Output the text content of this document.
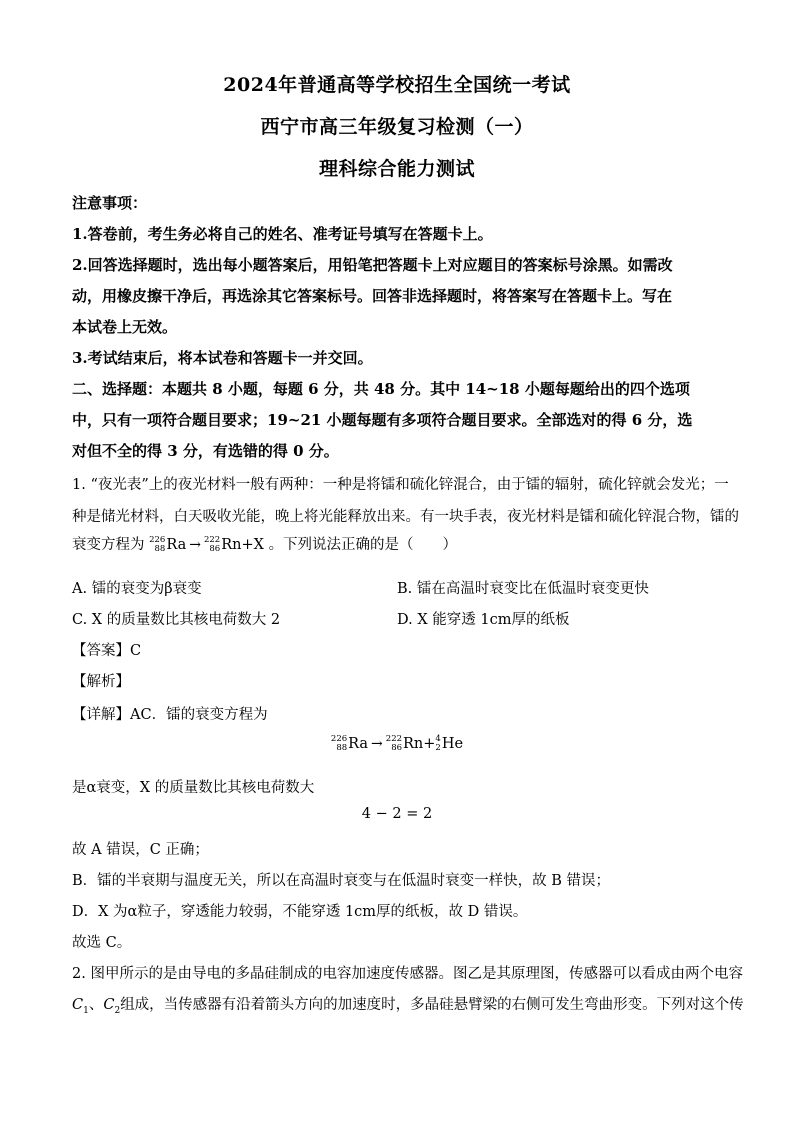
2024年普通高等学校招生全国统一考试
西宁市高三年级复习检测（一）
理科综合能力测试
注意事项：
1.答卷前，考生务必将自己的姓名、准考证号填写在答题卡上。
2.回答选择题时，选出每小题答案后，用铅笔把答题卡上对应题目的答案标号涂黑。如需改
动，用橡皮擦干净后，再选涂其它答案标号。回答非选择题时，将答案写在答题卡上。写在
本试卷上无效。
3.考试结束后，将本试卷和答题卡一并交回。
二、选择题：本题共 8 小题，每题 6 分，共 48 分。其中 14~18 小题每题给出的四个选项
中，只有一项符合题目要求；19~21 小题每题有多项符合题目要求。全部选对的得 6 分，选
对但不全的得 3 分，有选错的得 0 分。
1. “夜光表”上的夜光材料一般有两种：一种是将镭和硫化锌混合，由于镭的辐射，硫化锌就会发光；一
种是储光材料，白天吸收光能，晚上将光能释放出来。有一块手表，夜光材料是镭和硫化锌混合物，镭的
衰变方程为 226
88 Ra → 222
86 Rn+X 。下列说法正确的是（　　）
A. 镭的衰变为β衰变	B. 镭在高温时衰变比在低温时衰变更快
C. X 的质量数比其核电荷数大 2	D. X 能穿透 1cm厚的纸板
【答案】C
【解析】
【详解】AC．镭的衰变方程为
226
88 Ra → 222
86 Rn+ 4
2 He
是α衰变，X 的质量数比其核电荷数大
4 − 2 = 2
故 A 错误，C 正确；
B．镭的半衰期与温度无关，所以在高温时衰变与在低温时衰变一样快，故 B 错误；
D．X 为α粒子，穿透能力较弱，不能穿透 1cm厚的纸板，故 D 错误。
故选 C。
2. 图甲所示的是由导电的多晶硅制成的电容加速度传感器。图乙是其原理图，传感器可以看成由两个电容
$C_1$、$C_2$组成，当传感器有沿着箭头方向的加速度时，多晶硅悬臂梁的右侧可发生弯曲形变。下列对这个传
